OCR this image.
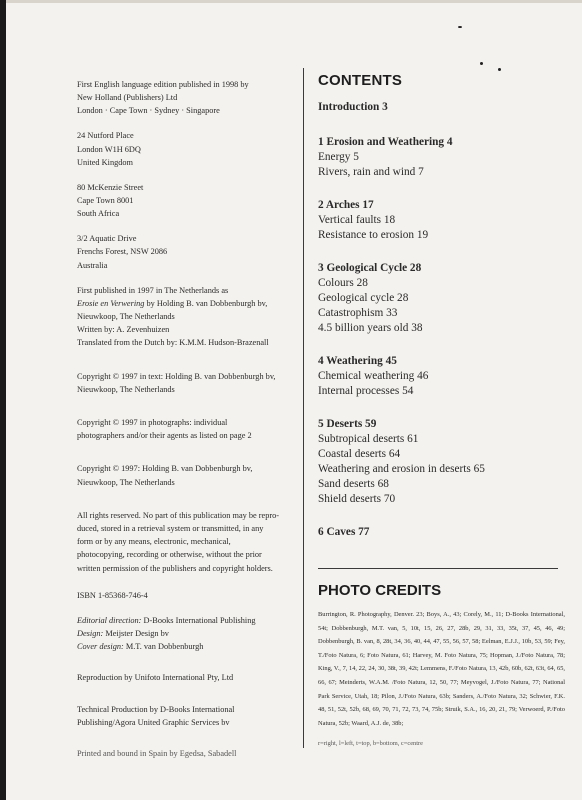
First English language edition published in 1998 by
New Holland (Publishers) Ltd
London · Cape Town · Sydney · Singapore

24 Nutford Place
London W1H 6DQ
United Kingdom

80 McKenzie Street
Cape Town 8001
South Africa

3/2 Aquatic Drive
Frenchs Forest, NSW 2086
Australia

First published in 1997 in The Netherlands as
Erosie en Verwering by Holding B. van Dobbenburgh bv,
Nieuwkoop, The Netherlands
Written by: A. Zevenhuizen
Translated from the Dutch by: K.M.M. Hudson-Brazenall

Copyright © 1997 in text: Holding B. van Dobbenburgh bv,
Nieuwkoop, The Netherlands

Copyright © 1997 in photographs: individual
photographers and/or their agents as listed on page 2

Copyright © 1997: Holding B. van Dobbenburgh bv,
Nieuwkoop, The Netherlands

All rights reserved. No part of this publication may be repro-
duced, stored in a retrieval system or transmitted, in any
form or by any means, electronic, mechanical,
photocopying, recording or otherwise, without the prior
written permission of the publishers and copyright holders.

ISBN 1-85368-746-4

Editorial direction: D-Books International Publishing
Design: Meijster Design bv
Cover design: M.T. van Dobbenburgh

Reproduction by Unifoto International Pty, Ltd

Technical Production by D-Books International
Publishing/Agora United Graphic Services bv

Printed and bound in Spain by Egedsa, Sabadell

CONTENTS
Introduction 3
1 Erosion and Weathering 4
Energy 5
Rivers, rain and wind 7
2 Arches 17
Vertical faults 18
Resistance to erosion 19
3 Geological Cycle 28
Colours 28
Geological cycle 28
Catastrophism 33
4.5 billion years old 38
4 Weathering 45
Chemical weathering 46
Internal processes 54
5 Deserts 59
Subtropical deserts 61
Coastal deserts 64
Weathering and erosion in deserts 65
Sand deserts 68
Shield deserts 70
6 Caves 77
PHOTO CREDITS
Burrington, R. Photography, Denver. 23; Boys, A., 43; Corely, M., 11; D-Books International, 54t; Dobbenburgh, M.T. van, 5, 10t, 15, 26, 27, 28b, 29, 31, 33, 35t, 37, 45, 46, 49; Dobbenburgh, B. van, 8, 28t, 34, 36, 40, 44, 47, 55, 56, 57, 58; Eelman, E.J.J., 10b, 53, 59; Fey, T./Foto Natura, 6; Foto Natura, 61; Harvey, M. Foto Natura, 75; Hopman, J./Foto Natura, 78; King, V., 7, 14, 22, 24, 30, 38t, 39, 42t; Lemmens, F./Foto Natura, 13, 42b, 60b, 62t, 63t, 64, 65, 66, 67; Meinderts, W.A.M. /Foto Natura, 12, 50, 77; Meyvogel, J./Foto Natura, 77; National Park Service, Utah, 18; Pilon, J./Foto Natura, 63b; Sanders, A./Foto Natura, 32; Schwier, F.K. 48, 51, 52t, 52b, 68, 69, 70, 71, 72, 73, 74, 75b; Struik, S.A., 16, 20, 21, 79; Verwoerd, P./Foto Natura, 52b; Waard, A.J. de, 38b;
r=right, l=left, t=top, b=bottom, c=centre
